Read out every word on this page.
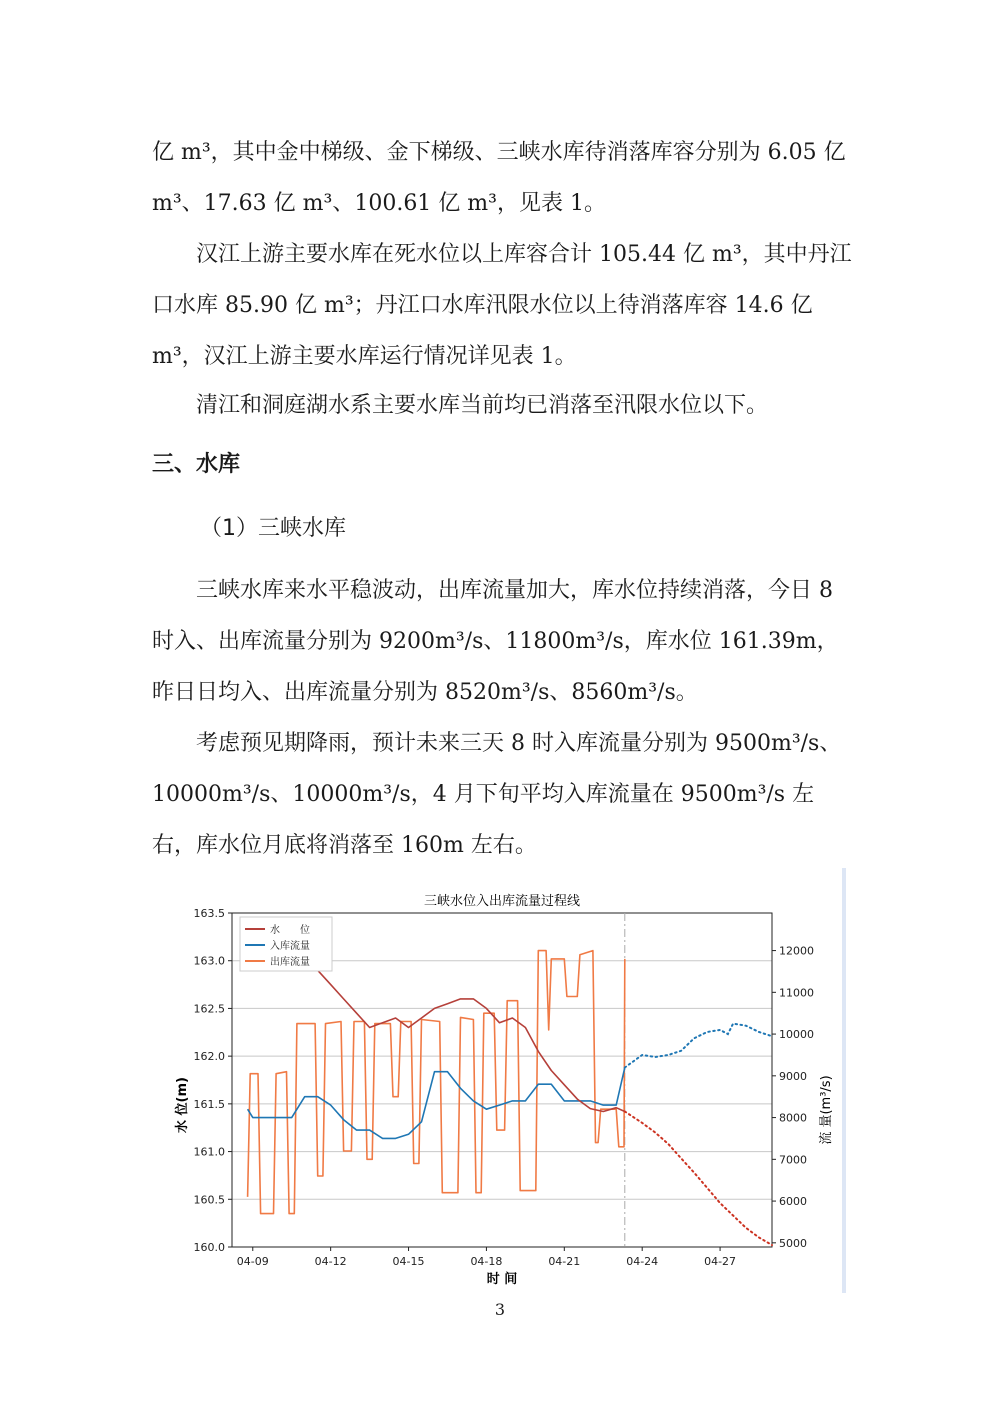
亿 m³，其中金中梯级、金下梯级、三峡水库待消落库容分别为 6.05 亿 m³、17.63 亿 m³、100.61 亿 m³，见表 1。

汉江上游主要水库在死水位以上库容合计 105.44 亿 m³，其中丹江口水库 85.90 亿 m³；丹江口水库汛限水位以上待消落库容 14.6 亿 m³，汉江上游主要水库运行情况详见表 1。

清江和洞庭湖水系主要水库当前均已消落至汛限水位以下。

三、水库
（1）三峡水库

三峡水库来水平稳波动，出库流量加大，库水位持续消落，今日 8 时入、出库流量分别为 9200m³/s、11800m³/s，库水位 161.39m，昨日日均入、出库流量分别为 8520m³/s、8560m³/s。

考虑预见期降雨，预计未来三天 8 时入库流量分别为 9500m³/s、10000m³/s、10000m³/s，4 月下旬平均入库流量在 9500m³/s 左右，库水位月底将消落至 160m 左右。

三峡水位入出库流量过程线
时 间
水 位(m)	流 量(m³/s)
160.0
160.5
161.0
161.5
162.0
162.5
163.0
163.5
5000
6000
7000
8000
9000
10000
11000
12000
04-09	04-12	04-15	04-18	04-21	04-24	04-27
水　　位
入库流量
出库流量
3
